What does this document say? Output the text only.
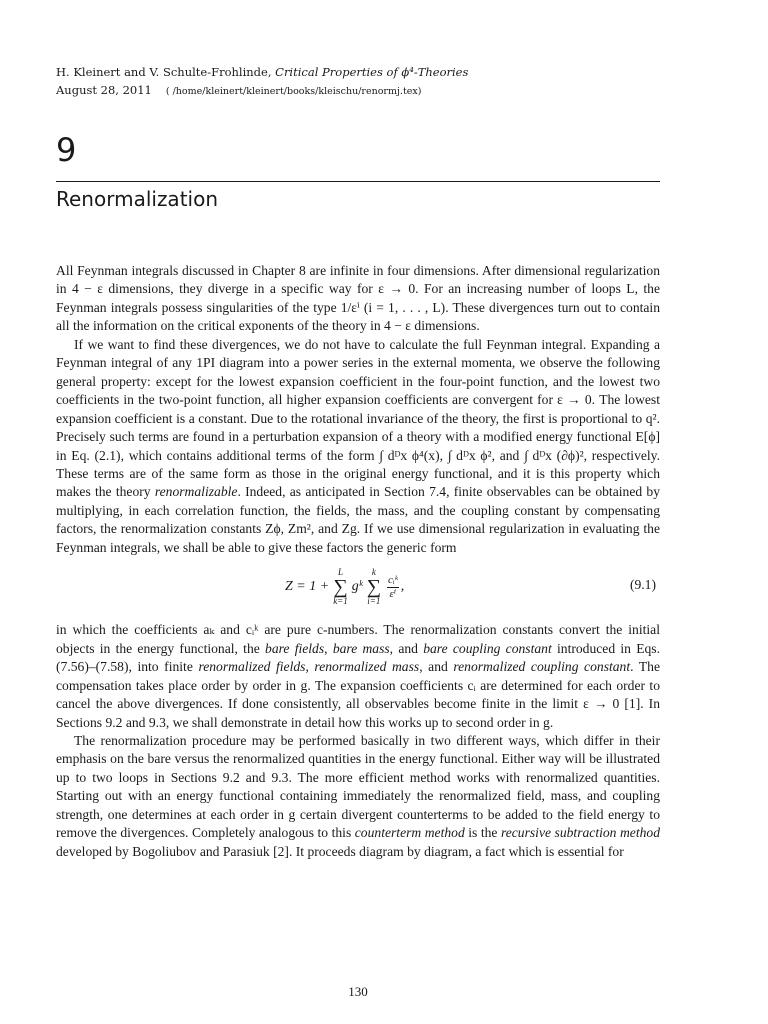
H. Kleinert and V. Schulte-Frohlinde, Critical Properties of ϕ⁴-Theories
August 28, 2011 ( /home/kleinert/kleinert/books/kleischu/renormj.tex)
9
Renormalization

All Feynman integrals discussed in Chapter 8 are infinite in four dimensions. After dimensional regularization in 4 − ε dimensions, they diverge in a specific way for ε → 0. For an increasing number of loops L, the Feynman integrals possess singularities of the type 1/εⁱ (i = 1, . . . , L). These divergences turn out to contain all the information on the critical exponents of the theory in 4 − ε dimensions.

If we want to find these divergences, we do not have to calculate the full Feynman integral. Expanding a Feynman integral of any 1PI diagram into a power series in the external momenta, we observe the following general property: except for the lowest expansion coefficient in the four-point function, and the lowest two coefficients in the two-point function, all higher expansion coefficients are convergent for ε → 0. The lowest expansion coefficient is a constant. Due to the rotational invariance of the theory, the first is proportional to q². Precisely such terms are found in a perturbation expansion of a theory with a modified energy functional E[ϕ] in Eq. (2.1), which contains additional terms of the form ∫ dᴰx ϕ⁴(x), ∫ dᴰx ϕ², and ∫ dᴰx (∂ϕ)², respectively. These terms are of the same form as those in the original energy functional, and it is this property which makes the theory renormalizable. Indeed, as anticipated in Section 7.4, finite observables can be obtained by multiplying, in each correlation function, the fields, the mass, and the coupling constant by compensating factors, the renormalization constants Zϕ, Zm², and Zg. If we use dimensional regularization in evaluating the Feynman integrals, we shall be able to give these factors the generic form

Z = 1 +
L
∑
k=1
gᵏ
k
∑
i=1
$\frac{\text{cᵢᵏ}}{\text{εⁱ}}$ ,	(9.1)

in which the coefficients aₖ and cᵢᵏ are pure c-numbers. The renormalization constants convert the initial objects in the energy functional, the bare fields, bare mass, and bare coupling constant introduced in Eqs. (7.56)–(7.58), into finite renormalized fields, renormalized mass, and renormalized coupling constant. The compensation takes place order by order in g. The expansion coefficients cᵢ are determined for each order to cancel the above divergences. If done consistently, all observables become finite in the limit ε → 0 [1]. In Sections 9.2 and 9.3, we shall demonstrate in detail how this works up to second order in g.

The renormalization procedure may be performed basically in two different ways, which differ in their emphasis on the bare versus the renormalized quantities in the energy functional. Either way will be illustrated up to two loops in Sections 9.2 and 9.3. The more efficient method works with renormalized quantities. Starting out with an energy functional containing immediately the renormalized field, mass, and coupling strength, one determines at each order in g certain divergent counterterms to be added to the field energy to remove the divergences. Completely analogous to this counterterm method is the recursive subtraction method developed by Bogoliubov and Parasiuk [2]. It proceeds diagram by diagram, a fact which is essential for

130
